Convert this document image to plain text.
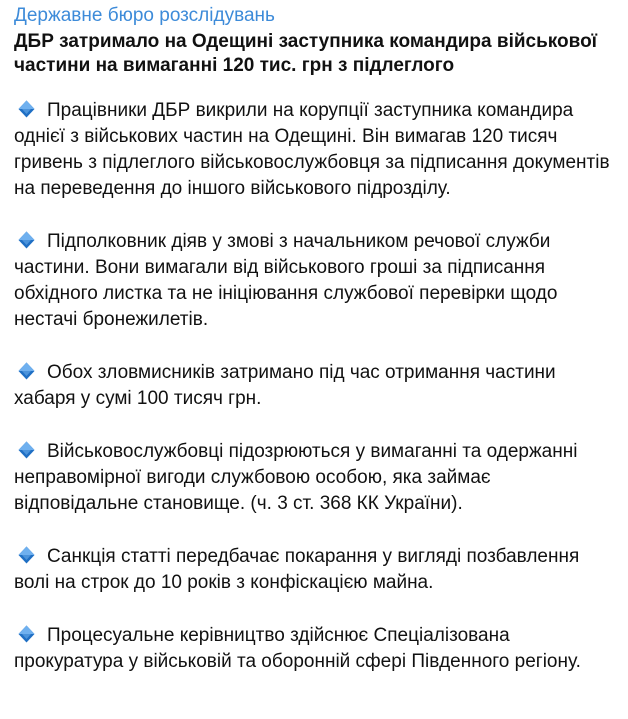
Державне бюро розслідувань
ДБР затримало на Одещині заступника командира військової частини на вимаганні 120 тис. грн з підлеглого
Працівники ДБР викрили на корупції заступника командира однієї з військових частин на Одещині. Він вимагав 120 тисяч гривень з підлеглого військовослужбовця за підписання документів на переведення до іншого військового підрозділу.
Підполковник діяв у змові з начальником речової служби частини. Вони вимагали від військового гроші за підписання обхідного листка та не ініціювання службової перевірки щодо нестачі бронежилетів.
Обох зловмисників затримано під час отримання частини хабаря у сумі 100 тисяч грн.
Військовослужбовці підозрюються у вимаганні та одержанні неправомірної вигоди службовою особою, яка займає відповідальне становище. (ч. 3 ст. 368 КК України).
Санкція статті передбачає покарання у вигляді позбавлення волі на строк до 10 років з конфіскацією майна.
Процесуальне керівництво здійснює Спеціалізована прокуратура у військовій та оборонній сфері Південного регіону.
